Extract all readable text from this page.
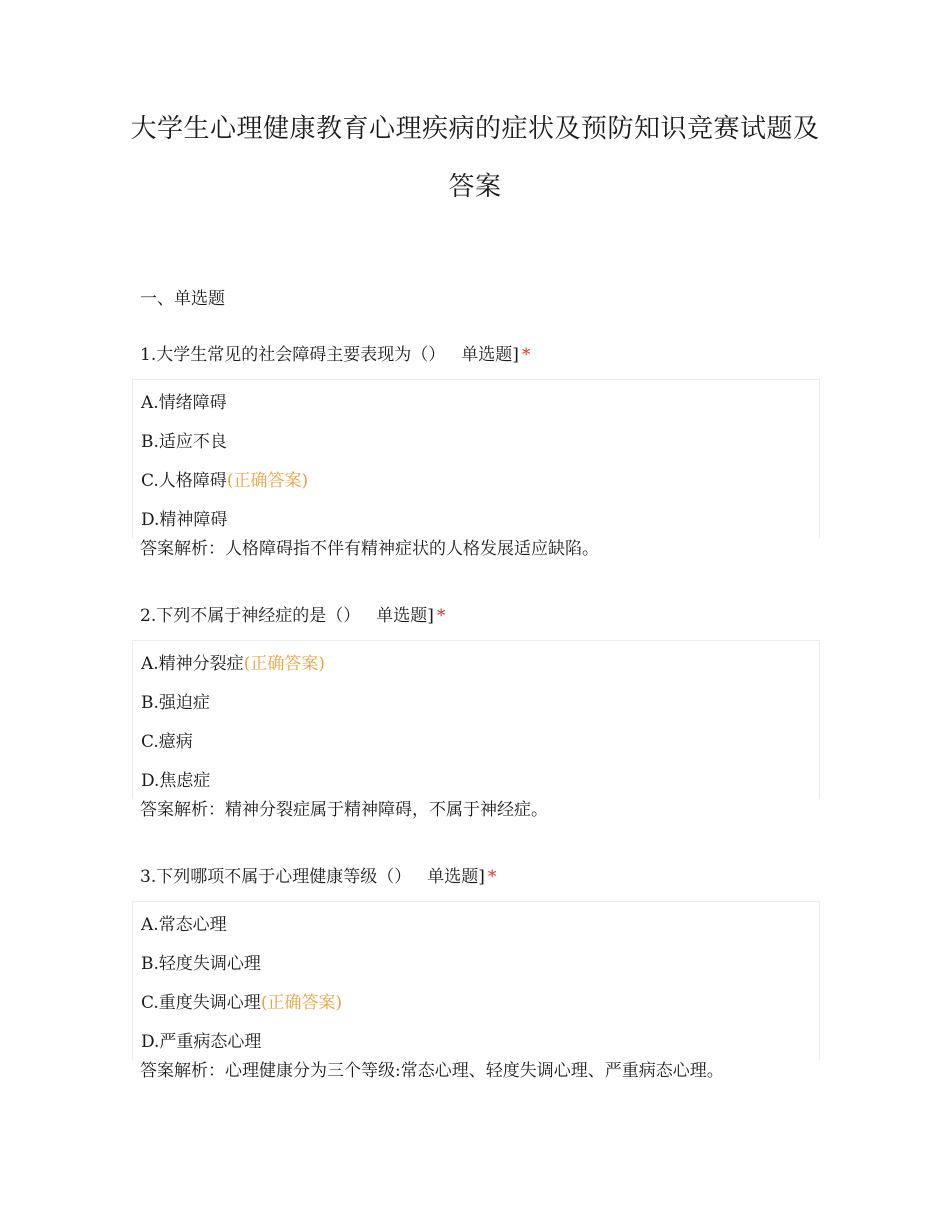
大学生心理健康教育心理疾病的症状及预防知识竞赛试题及
答案
一、单选题
1.大学生常见的社会障碍主要表现为（） 单选题] *
A.情绪障碍
B.适应不良
C.人格障碍(正确答案)
D.精神障碍
答案解析：人格障碍指不伴有精神症状的人格发展适应缺陷。
2.下列不属于神经症的是（） 单选题] *
A.精神分裂症(正确答案)
B.强迫症
C.癔病
D.焦虑症
答案解析：精神分裂症属于精神障碍，不属于神经症。
3.下列哪项不属于心理健康等级（） 单选题] *
A.常态心理
B.轻度失调心理
C.重度失调心理(正确答案)
D.严重病态心理
答案解析：心理健康分为三个等级:常态心理、轻度失调心理、严重病态心理。
